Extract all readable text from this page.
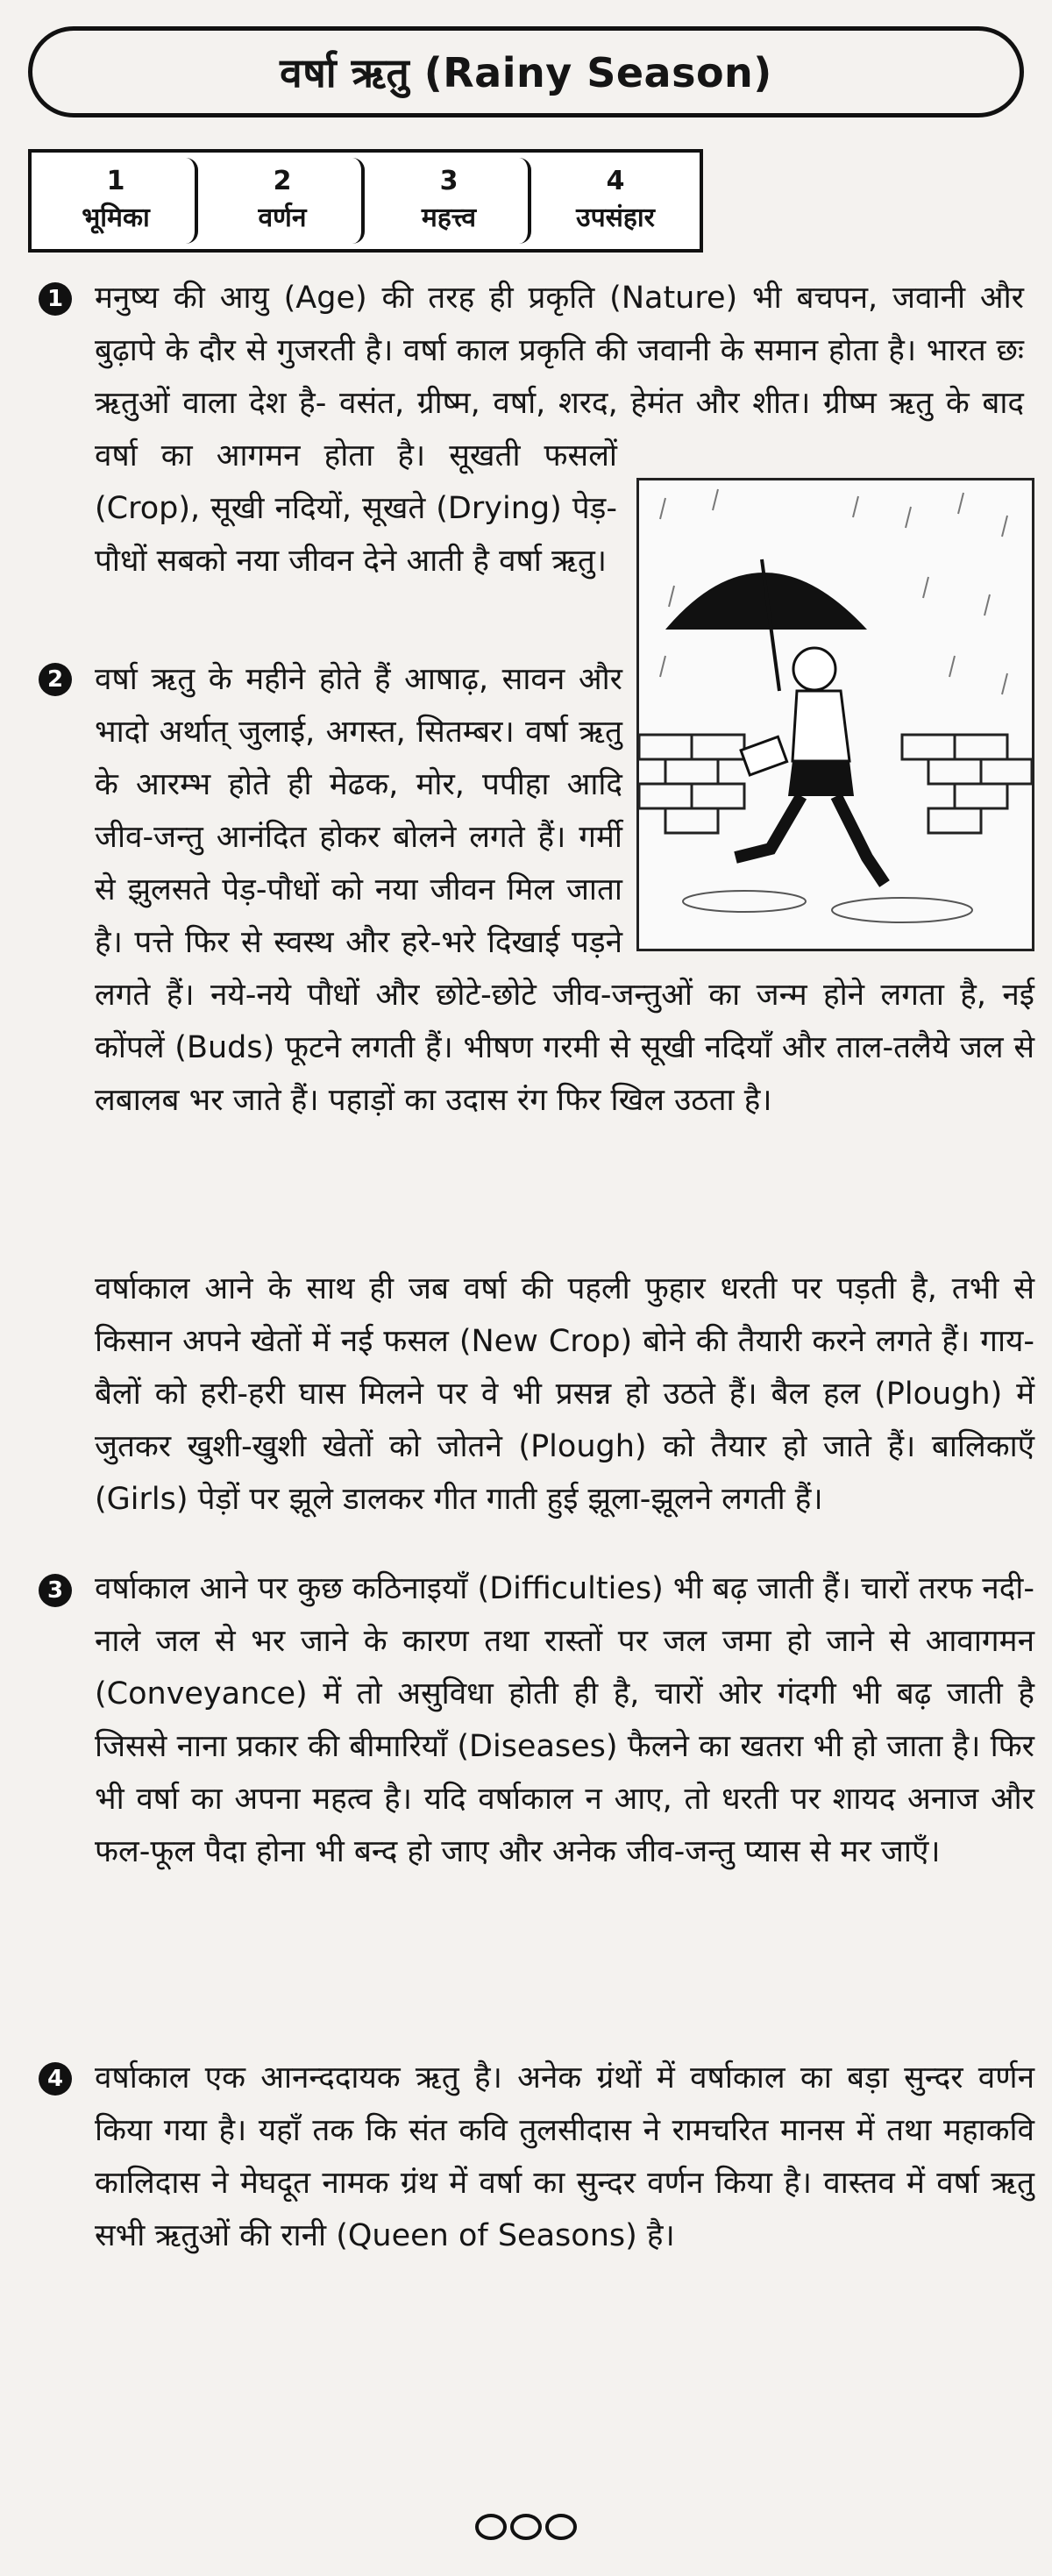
वर्षा ऋतु (Rainy Season)
1
भूमिका
2
वर्णन
3
महत्त्व
4
उपसंहार
1 मनुष्य की आयु (Age) की तरह ही प्रकृति (Nature) भी बचपन, जवानी और बुढ़ापे के दौर से गुजरती है। वर्षा काल प्रकृति की जवानी के समान होता है। भारत छः ऋतुओं वाला देश है- वसंत, ग्रीष्म, वर्षा, शरद, हेमंत और शीत। ग्रीष्म ऋतु के बाद वर्षा का आगमन होता है। सूखती फसलों (Crop), सूखी नदियों, सूखते (Drying) पेड़-पौधों सबको नया जीवन देने आती है वर्षा ऋतु।
2 वर्षा ऋतु के महीने होते हैं आषाढ़, सावन और भादो अर्थात् जुलाई, अगस्त, सितम्बर। वर्षा ऋतु के आरम्भ होते ही मेढक, मोर, पपीहा आदि जीव-जन्तु आनंदित होकर बोलने लगते हैं। गर्मी से झुलसते पेड़-पौधों को नया जीवन मिल जाता है। पत्ते फिर से स्वस्थ और हरे-भरे दिखाई पड़ने लगते हैं। नये-नये पौधों और छोटे-छोटे जीव-जन्तुओं का जन्म होने लगता है, नई कोंपलें (Buds) फूटने लगती हैं। भीषण गरमी से सूखी नदियाँ और ताल-तलैये जल से लबालब भर जाते हैं। पहाड़ों का उदास रंग फिर खिल उठता है।
वर्षाकाल आने के साथ ही जब वर्षा की पहली फुहार धरती पर पड़ती है, तभी से किसान अपने खेतों में नई फसल (New Crop) बोने की तैयारी करने लगते हैं। गाय-बैलों को हरी-हरी घास मिलने पर वे भी प्रसन्न हो उठते हैं। बैल हल (Plough) में जुतकर खुशी-खुशी खेतों को जोतने (Plough) को तैयार हो जाते हैं। बालिकाएँ (Girls) पेड़ों पर झूले डालकर गीत गाती हुई झूला-झूलने लगती हैं।
3 वर्षाकाल आने पर कुछ कठिनाइयाँ (Difficulties) भी बढ़ जाती हैं। चारों तरफ नदी-नाले जल से भर जाने के कारण तथा रास्तों पर जल जमा हो जाने से आवागमन (Conveyance) में तो असुविधा होती ही है, चारों ओर गंदगी भी बढ़ जाती है जिससे नाना प्रकार की बीमारियाँ (Diseases) फैलने का खतरा भी हो जाता है। फिर भी वर्षा का अपना महत्व है। यदि वर्षाकाल न आए, तो धरती पर शायद अनाज और फल-फूल पैदा होना भी बन्द हो जाए और अनेक जीव-जन्तु प्यास से मर जाएँ।
4 वर्षाकाल एक आनन्ददायक ऋतु है। अनेक ग्रंथों में वर्षाकाल का बड़ा सुन्दर वर्णन किया गया है। यहाँ तक कि संत कवि तुलसीदास ने रामचरित मानस में तथा महाकवि कालिदास ने मेघदूत नामक ग्रंथ में वर्षा का सुन्दर वर्णन किया है। वास्तव में वर्षा ऋतु सभी ऋतुओं की रानी (Queen of Seasons) है।
